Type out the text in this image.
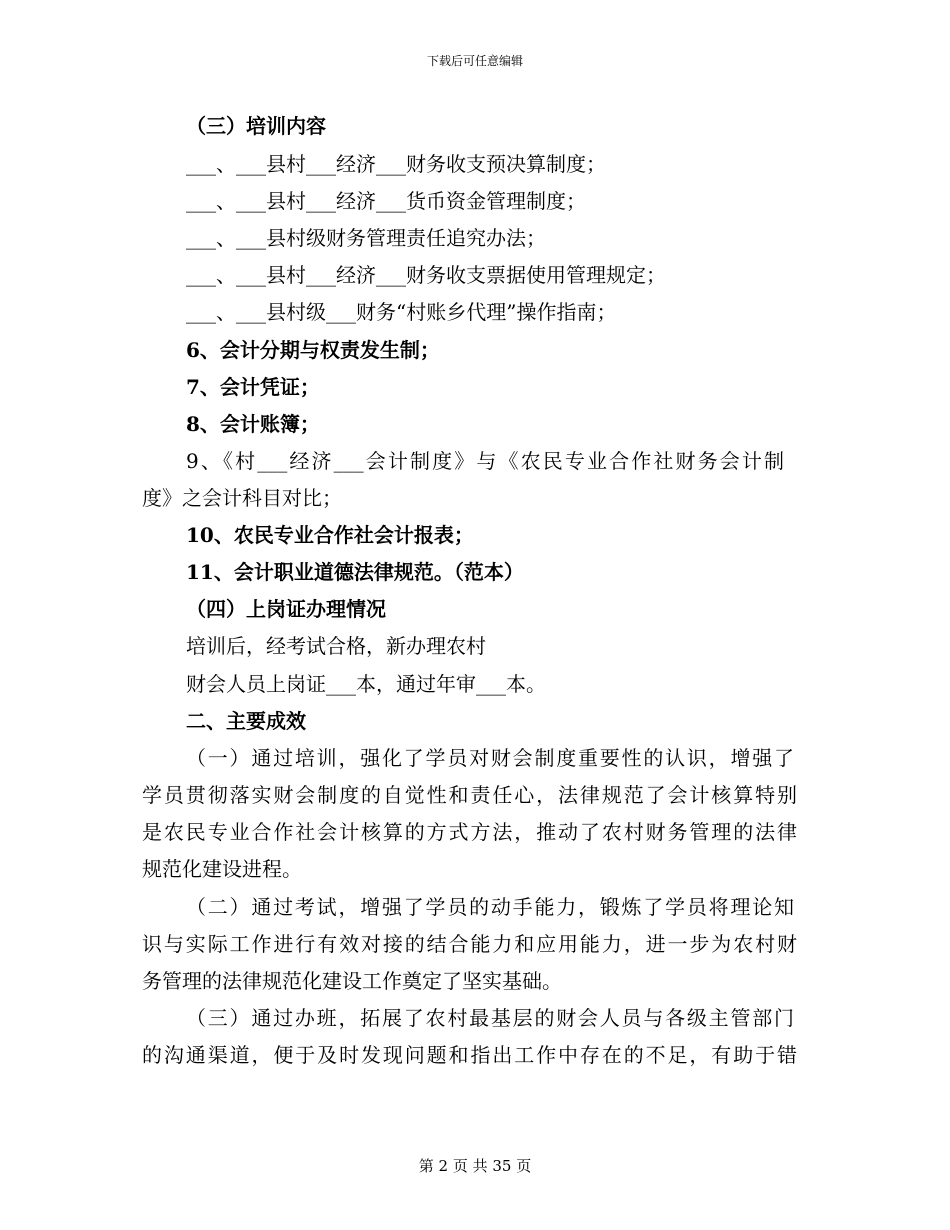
下载后可任意编辑
（三）培训内容
___、___县村___经济___财务收支预决算制度；
___、___县村___经济___货币资金管理制度；
___、___县村级财务管理责任追究办法；
___、___县村___经济___财务收支票据使用管理规定；
___、___县村级___财务“村账乡代理”操作指南；
6、会计分期与权责发生制；
7、会计凭证；
8、会计账簿；
9、《村___经济___会计制度》与《农民专业合作社财务会计制
度》之会计科目对比；
10、农民专业合作社会计报表；
11、会计职业道德法律规范。（范本）
（四）上岗证办理情况
培训后，经考试合格，新办理农村
财会人员上岗证___本，通过年审___本。
二、主要成效
（一）通过培训，强化了学员对财会制度重要性的认识，增强了
学员贯彻落实财会制度的自觉性和责任心，法律规范了会计核算特别
是农民专业合作社会计核算的方式方法，推动了农村财务管理的法律
规范化建设进程。
（二）通过考试，增强了学员的动手能力，锻炼了学员将理论知
识与实际工作进行有效对接的结合能力和应用能力，进一步为农村财
务管理的法律规范化建设工作奠定了坚实基础。
（三）通过办班，拓展了农村最基层的财会人员与各级主管部门
的沟通渠道，便于及时发现问题和指出工作中存在的不足，有助于错
第 2 页 共 35 页
